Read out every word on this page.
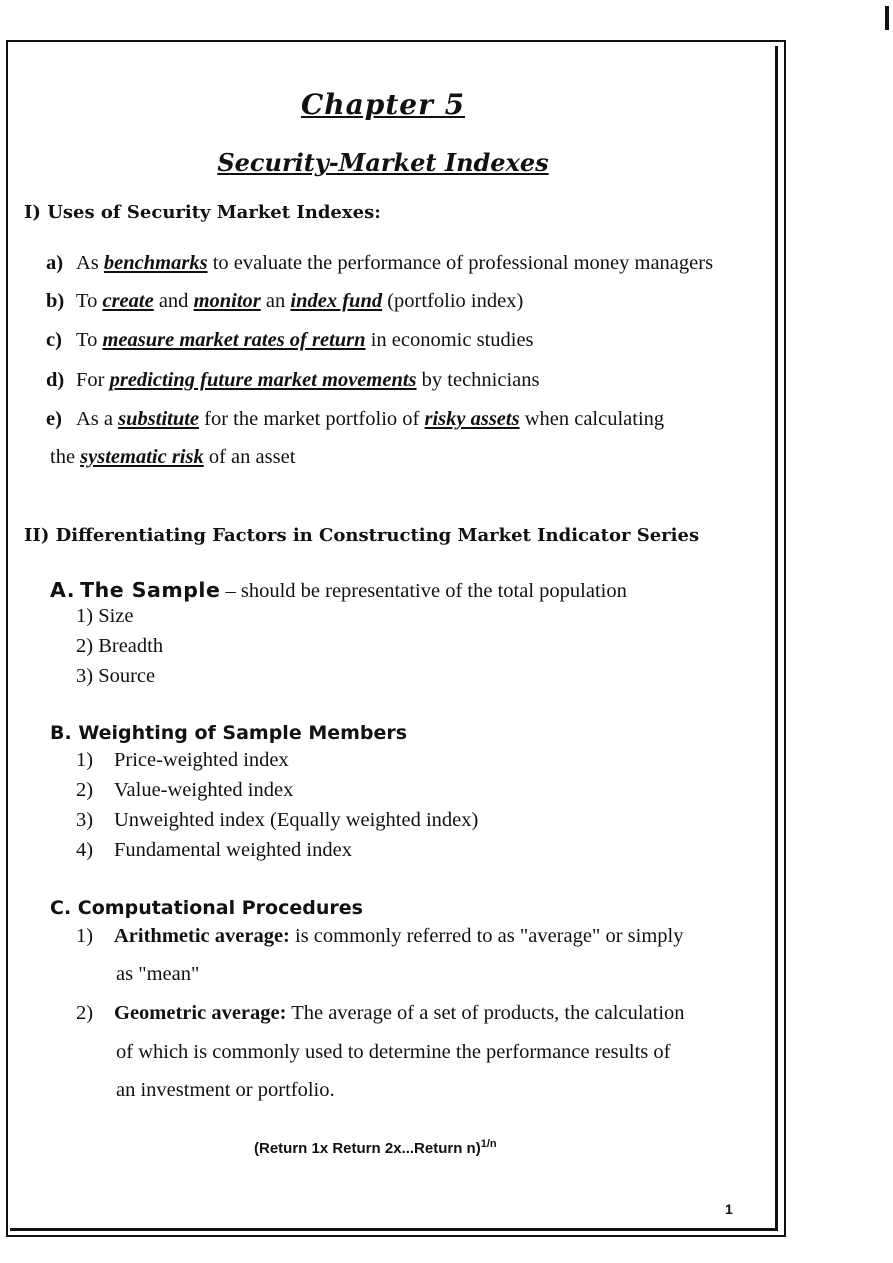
Chapter 5
Security-Market Indexes
I) Uses of Security Market Indexes:
a) As benchmarks to evaluate the performance of professional money managers
b) To create and monitor an index fund (portfolio index)
c) To measure market rates of return in economic studies
d) For predicting future market movements by technicians
e) As a substitute for the market portfolio of risky assets when calculating
the systematic risk of an asset
II) Differentiating Factors in Constructing Market Indicator Series
A. The Sample – should be representative of the total population
1) Size
2) Breadth
3) Source
B. Weighting of Sample Members
1) Price-weighted index
2) Value-weighted index
3) Unweighted index (Equally weighted index)
4) Fundamental weighted index
C. Computational Procedures
1) Arithmetic average: is commonly referred to as "average" or simply
as "mean"
2) Geometric average: The average of a set of products, the calculation
of which is commonly used to determine the performance results of
an investment or portfolio.
(Return 1x Return 2x...Return n)$^{1/n}$
1
